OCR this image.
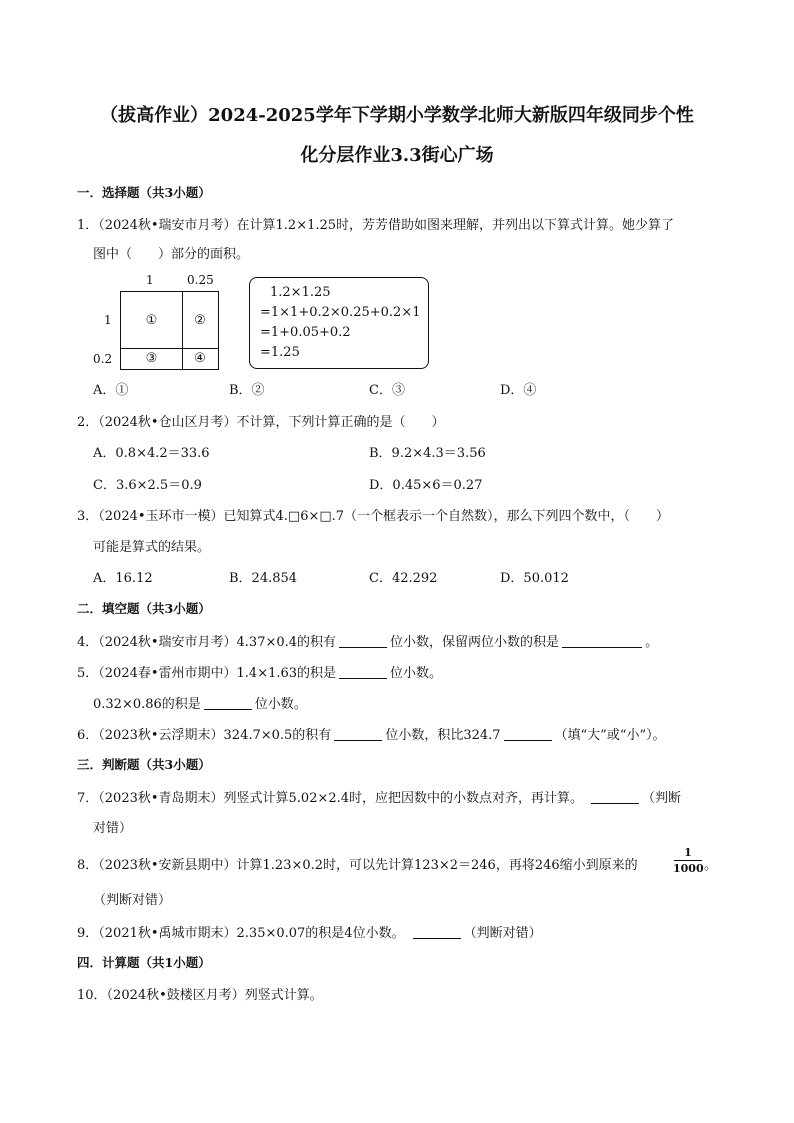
（拔高作业）2024-2025学年下学期小学数学北师大新版四年级同步个性
化分层作业3.3街心广场
一．选择题（共3小题）
1．（2024秋•瑞安市月考）在计算1.2×1.25时，芳芳借助如图来理解，并列出以下算式计算。她少算了
图中（　　）部分的面积。
1	0.25
1
0.2
①	②
③	④
1.2×1.25
=1×1+0.2×0.25+0.2×1
=1+0.05+0.2
=1.25
A．①	B．②	C．③	D．④
2．（2024秋•仓山区月考）不计算，下列计算正确的是（　　）
A．0.8×4.2＝33.6	B．9.2×4.3＝3.56
C．3.6×2.5＝0.9	D．0.45×6＝0.27
3．（2024•玉环市一模）已知算式4.□6×□.7（一个框表示一个自然数），那么下列四个数中，（　　）
可能是算式的结果。
A．16.12	B．24.854	C．42.292	D．50.012
二．填空题（共3小题）
4．（2024秋•瑞安市月考）4.37×0.4的积有	位小数，保留两位小数的积是	。
5．（2024春•雷州市期中）1.4×1.63的积是	位小数。
0.32×0.86的积是	位小数。
6．（2023秋•云浮期末）324.7×0.5的积有	位小数，积比324.7	（填“大”或“小”）。
三．判断题（共3小题）
7．（2023秋•青岛期末）列竖式计算5.02×2.4时，应把因数中的小数点对齐，再计算。	（判断
对错）
8．（2023秋•安新县期中）计算1.23×0.2时，可以先计算123×2＝246，再将246缩小到原来的
1
1000 。
（判断对错）
9．（2021秋•禹城市期末）2.35×0.07的积是4位小数。	（判断对错）
四．计算题（共1小题）
10．（2024秋•鼓楼区月考）列竖式计算。
